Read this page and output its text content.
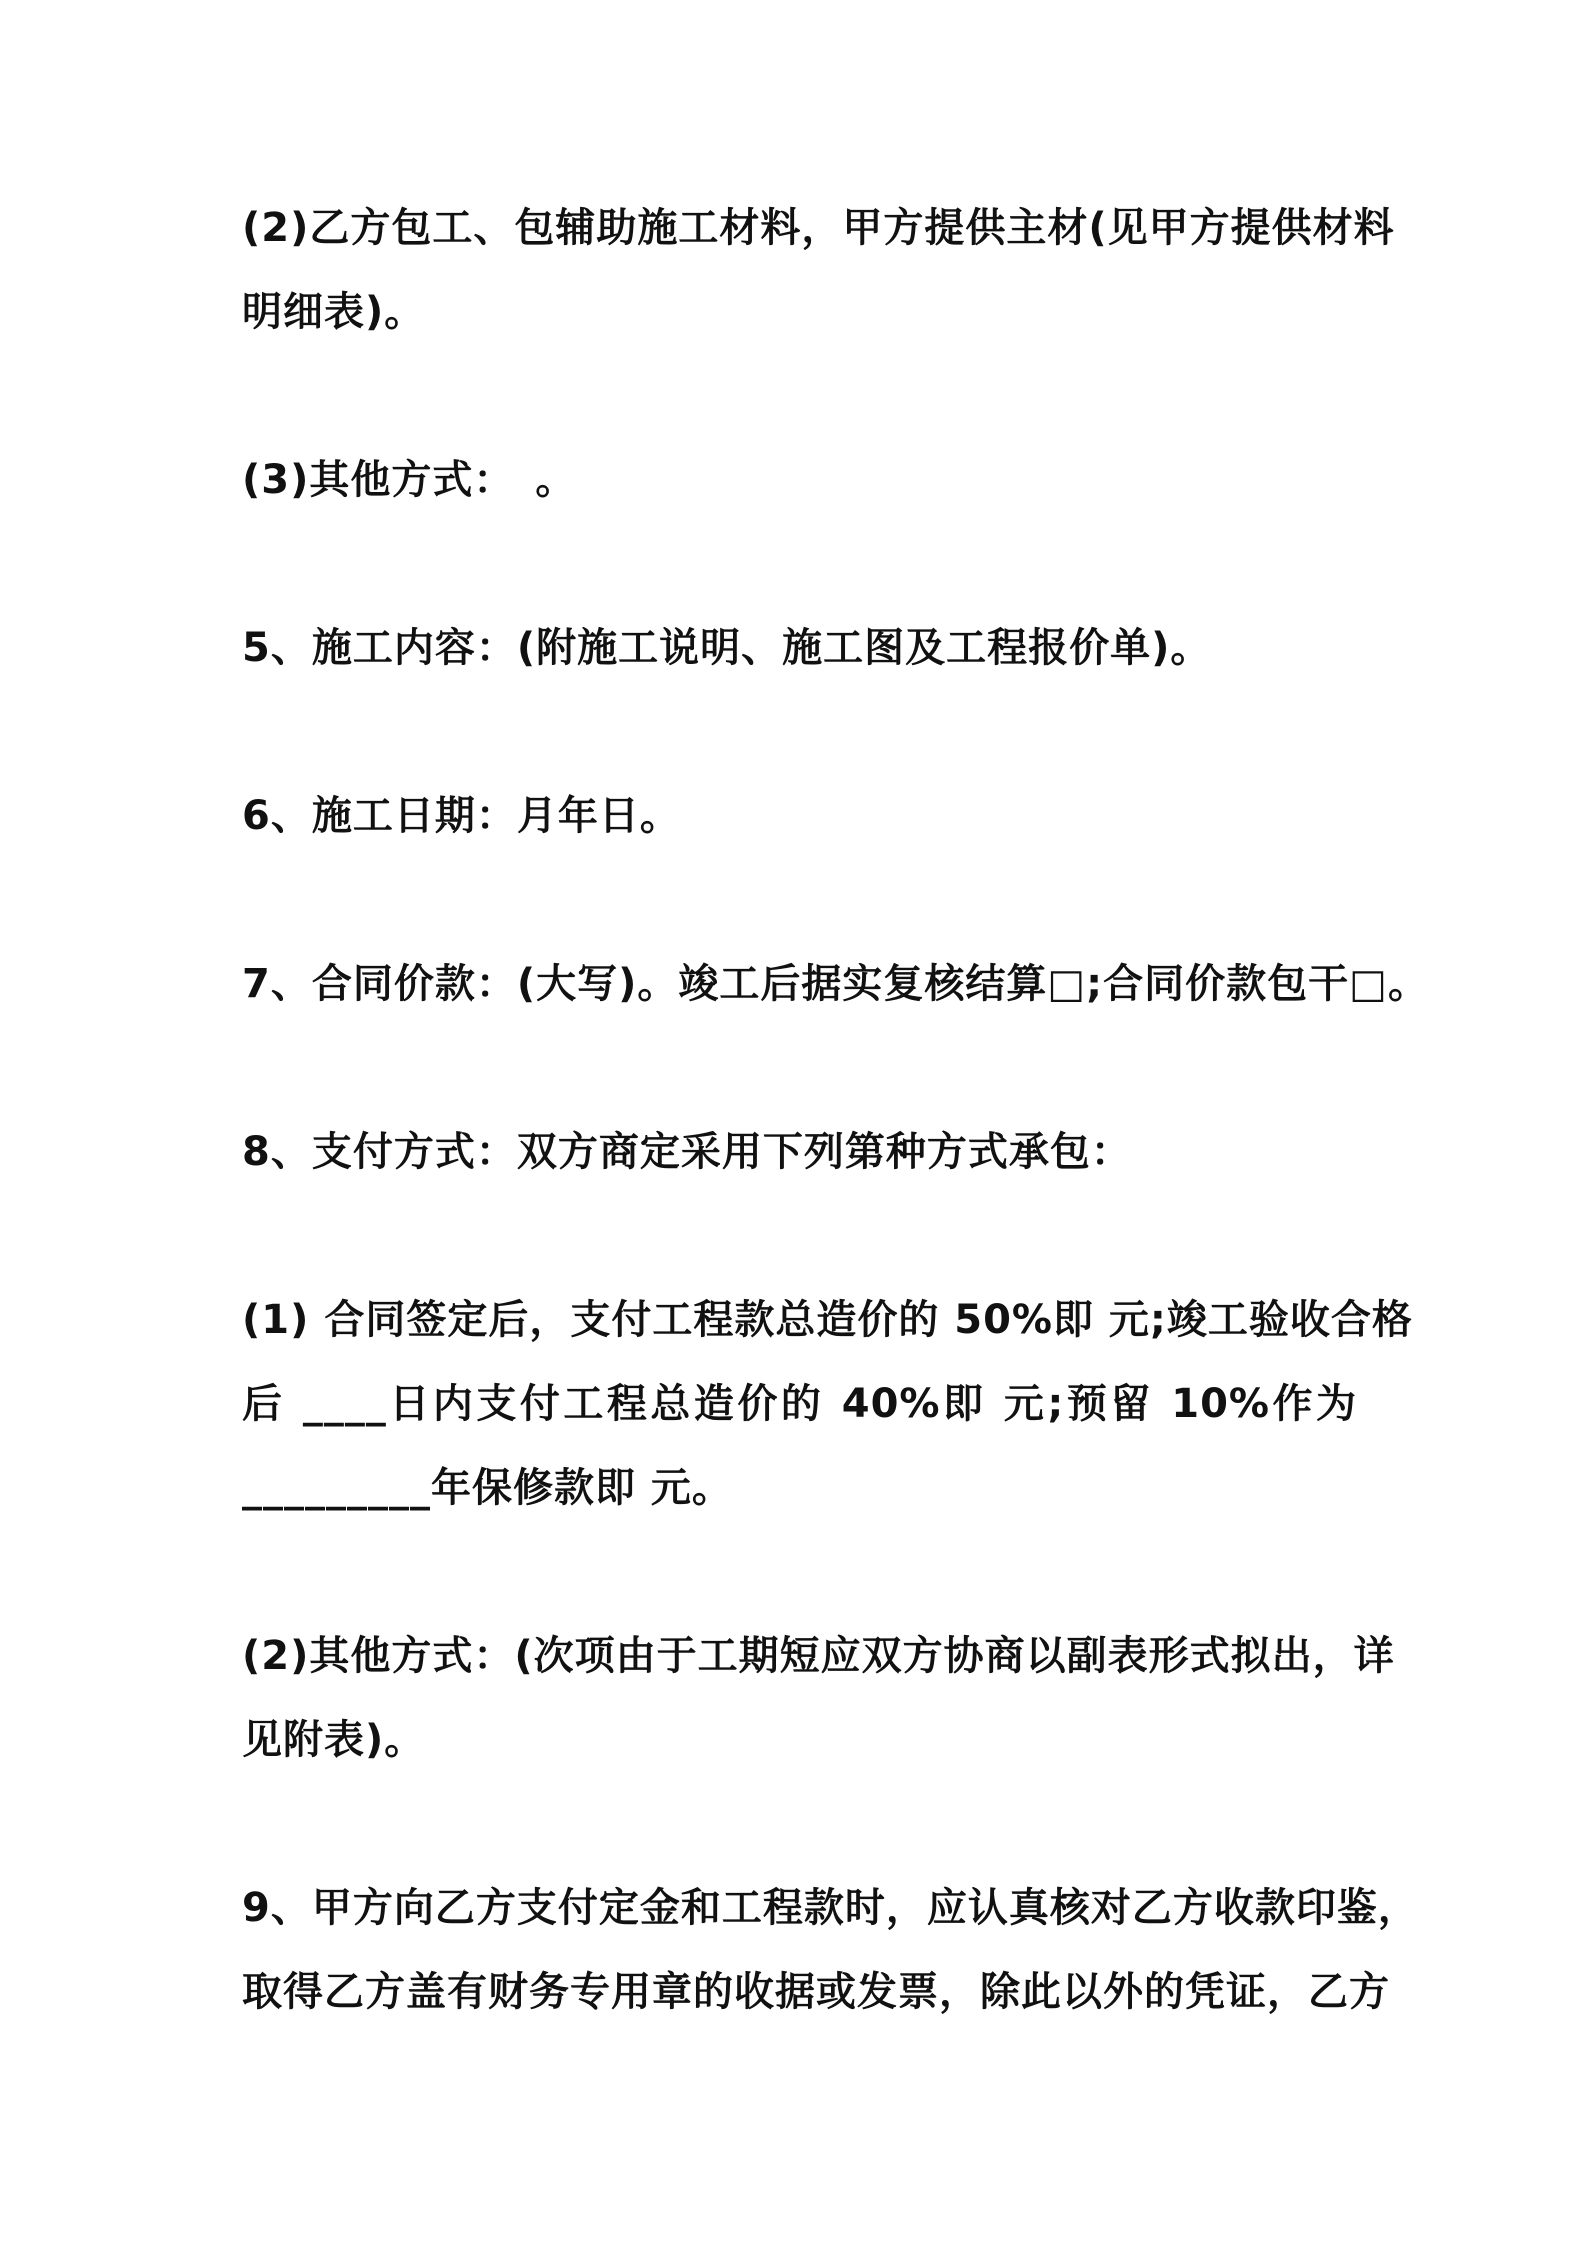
(2)乙方包工、包辅助施工材料，甲方提供主材(见甲方提供材料
明细表)。

(3)其他方式：　。

5、施工内容：(附施工说明、施工图及工程报价单)。

6、施工日期：月年日。

7、合同价款：(大写)。竣工后据实复核结算□;合同价款包干□。

8、支付方式：双方商定采用下列第种方式承包：

(1) 合同签定后，支付工程款总造价的 50%即 元;竣工验收合格
后 ____日内支付工程总造价的 40%即 元;预留 10%作为
_________年保修款即 元。

(2)其他方式：(次项由于工期短应双方协商以副表形式拟出，详
见附表)。

9、甲方向乙方支付定金和工程款时，应认真核对乙方收款印鉴，
取得乙方盖有财务专用章的收据或发票，除此以外的凭证，乙方
